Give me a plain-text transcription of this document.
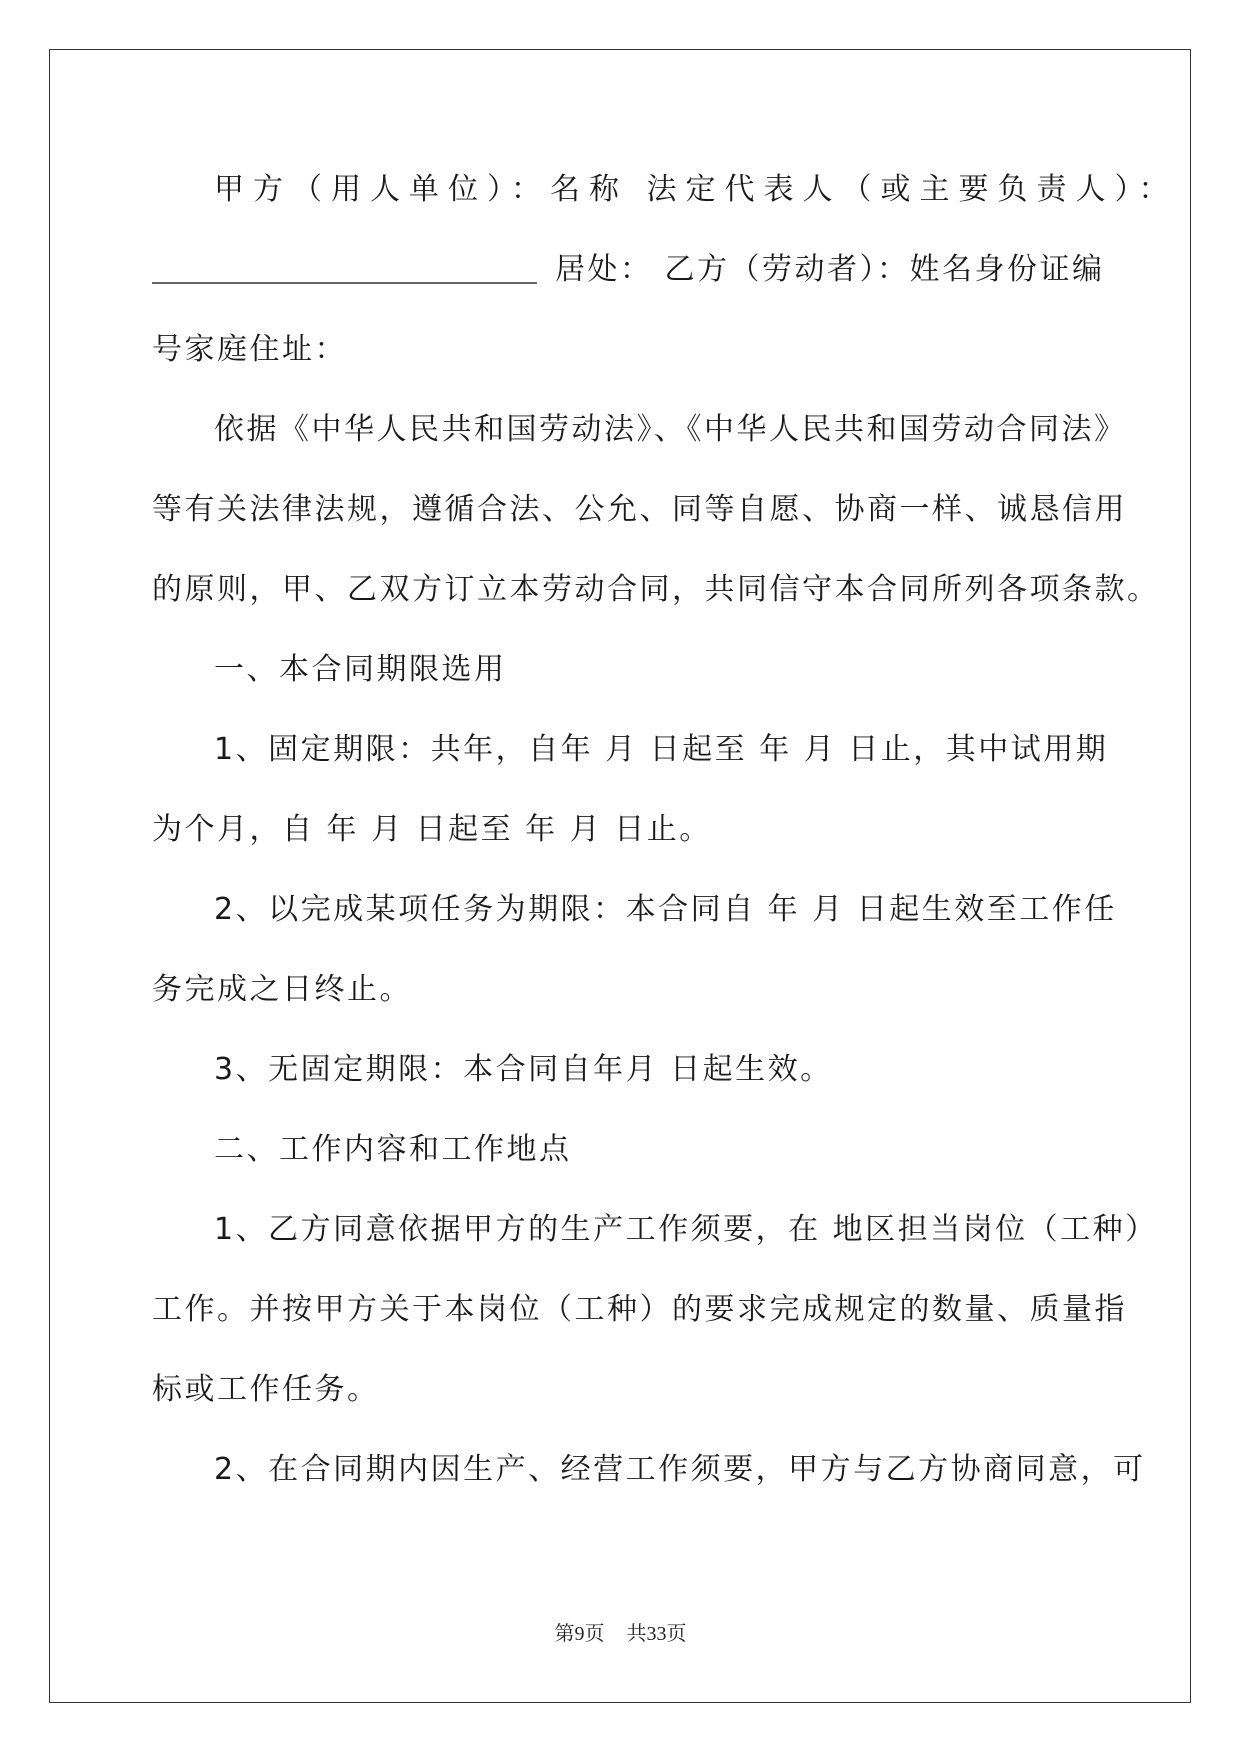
甲方（用人单位）：名称 法定代表人（或主要负责人）：
居处： 乙方（劳动者）：姓名身份证编
号家庭住址：
依据《中华人民共和国劳动法》、《中华人民共和国劳动合同法》
等有关法律法规，遵循合法、公允、同等自愿、协商一样、诚恳信用
的原则，甲、乙双方订立本劳动合同，共同信守本合同所列各项条款。
一、本合同期限选用
1、固定期限：共年，自年 月 日起至 年 月 日止，其中试用期
为个月，自 年 月 日起至 年 月 日止。
2、以完成某项任务为期限：本合同自 年 月 日起生效至工作任
务完成之日终止。
3、无固定期限：本合同自年月 日起生效。
二、工作内容和工作地点
1、乙方同意依据甲方的生产工作须要，在 地区担当岗位（工种）
工作。并按甲方关于本岗位（工种）的要求完成规定的数量、质量指
标或工作任务。
2、在合同期内因生产、经营工作须要，甲方与乙方协商同意，可
第9页 共33页
